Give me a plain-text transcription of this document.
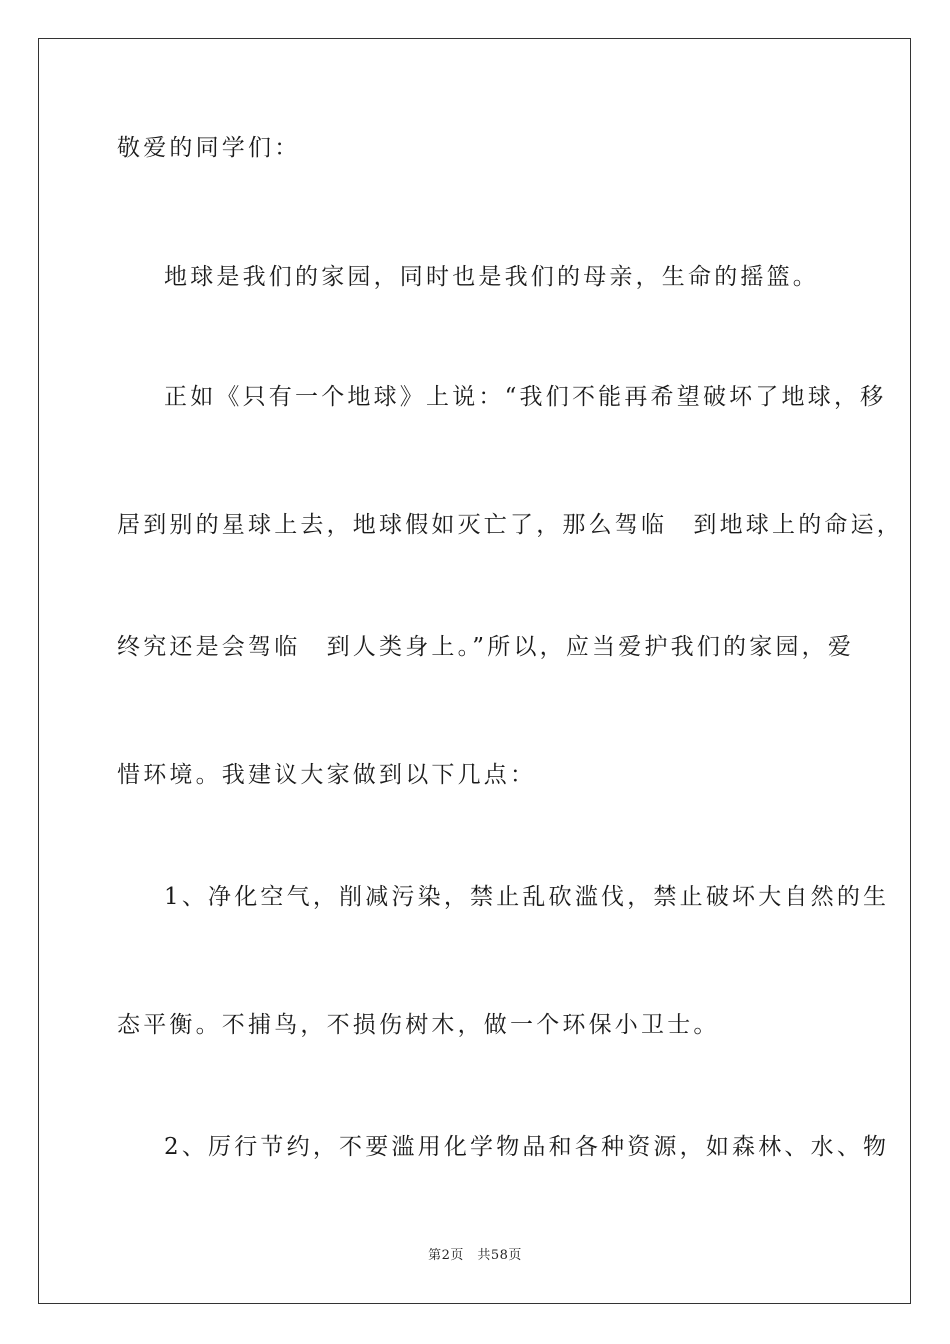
敬爱的同学们：
地球是我们的家园，同时也是我们的母亲，生命的摇篮。
正如《只有一个地球》上说：“我们不能再希望破坏了地球，移
居到别的星球上去，地球假如灭亡了，那么驾临　到地球上的命运，
终究还是会驾临　到人类身上。”所以，应当爱护我们的家园，爱
惜环境。我建议大家做到以下几点：
1、净化空气，削减污染，禁止乱砍滥伐，禁止破坏大自然的生
态平衡。不捕鸟，不损伤树木，做一个环保小卫士。
2、厉行节约，不要滥用化学物品和各种资源，如森林、水、物
第2页　共58页
